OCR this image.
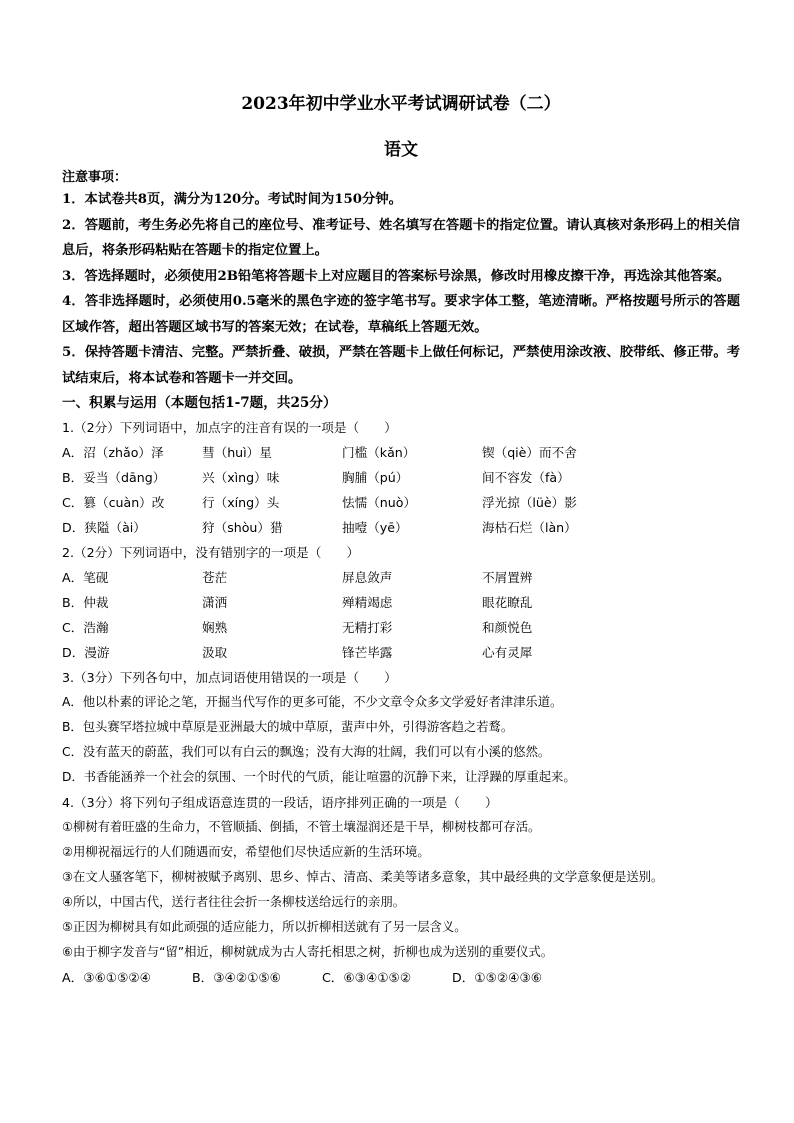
2023年初中学业水平考试调研试卷（二）
语文
注意事项：

1．本试卷共8页，满分为120分。考试时间为150分钟。

2．答题前，考生务必先将自己的座位号、准考证号、姓名填写在答题卡的指定位置。请认真核对条形码上的相关信息后，将条形码粘贴在答题卡的指定位置上。

3．答选择题时，必须使用2B铅笔将答题卡上对应题目的答案标号涂黑，修改时用橡皮擦干净，再选涂其他答案。

4．答非选择题时，必须使用0.5毫米的黑色字迹的签字笔书写。要求字体工整，笔迹清晰。严格按题号所示的答题区域作答，超出答题区域书写的答案无效；在试卷，草稿纸上答题无效。

5．保持答题卡清洁、完整。严禁折叠、破损，严禁在答题卡上做任何标记，严禁使用涂改液、胶带纸、修正带。考试结束后，将本试卷和答题卡一并交回。

一、积累与运用（本题包括1-7题，共25分）
1.（2分）下列词语中，加点字的注音有误的一项是（　　）
A．沼（zhǎo）泽	彗（huì）星	门槛（kǎn）	锲（qiè）而不舍
B．妥当（dāng）	兴（xìng）味	胸脯（pú）	间不容发（fà）
C．篡（cuàn）改	行（xíng）头	怯懦（nuò）	浮光掠（lüè）影
D．狭隘（ài）	狩（shòu）猎	抽噎（yē）	海枯石烂（làn）
2.（2分）下列词语中，没有错别字的一项是（　　）
A．笔砚	苍茫	屏息敛声	不屑置辨
B．仲裁	潇洒	殚精竭虑	眼花瞭乱
C．浩瀚	娴熟	无精打彩	和颜悦色
D．漫游	汲取	锋芒毕露	心有灵犀
3.（3分）下列各句中，加点词语使用错误的一项是（　　）
A．他以朴素的评论之笔，开掘当代写作的更多可能，不少文章令众多文学爱好者津津乐道。
B．包头赛罕塔拉城中草原是亚洲最大的城中草原，蜚声中外，引得游客趋之若鹜。
C．没有蓝天的蔚蓝，我们可以有白云的飘逸；没有大海的壮阔，我们可以有小溪的悠然。
D．书香能涵养一个社会的氛围、一个时代的气质，能让喧嚣的沉静下来，让浮躁的厚重起来。
4.（3分）将下列句子组成语意连贯的一段话，语序排列正确的一项是（　　）
①柳树有着旺盛的生命力，不管顺插、倒插，不管土壤湿润还是干旱，柳树枝都可存活。
②用柳祝福远行的人们随遇而安，希望他们尽快适应新的生活环境。
③在文人骚客笔下，柳树被赋予离别、思乡、悼古、清高、柔美等诸多意象，其中最经典的文学意象便是送别。
④所以，中国古代，送行者往往会折一条柳枝送给远行的亲朋。
⑤正因为柳树具有如此顽强的适应能力，所以折柳相送就有了另一层含义。
⑥由于柳字发音与“留”相近，柳树就成为古人寄托相思之树，折柳也成为送别的重要仪式。
A．③⑥①⑤②④	B．③④②①⑤⑥	C．⑥③④①⑤②	D．①⑤②④③⑥
